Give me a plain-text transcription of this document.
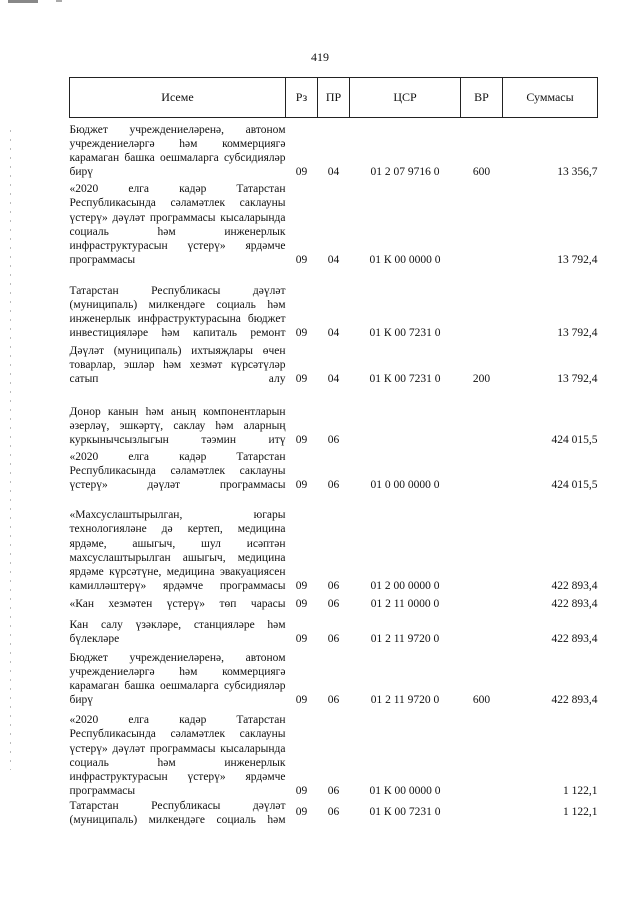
419
Исеме	Рз	ПР	ЦСР	ВР	Суммасы
Бюджет учреждениеләренә, автоном учреждениеләргә һәм коммерциягә карамаган башка оешмаларга субсидияләр бирү	09	04	01 2 07 9716 0	600	13 356,7
«2020 елга кадәр Татарстан Республикасында сәламәтлек саклауны үстерү» дәүләт программасы кысаларында социаль һәм инженерлык инфраструктурасын үстерү» ярдәмче программасы	09	04	01 К 00 0000 0		13 792,4
Татарстан Республикасы дәүләт (муниципаль) милкендәге социаль һәм инженерлык инфраструктурасына бюджет инвестицияләре һәм капиталь ремонт	09	04	01 К 00 7231 0		13 792,4
Дәүләт (муниципаль) ихтыяҗлары өчен товарлар, эшләр һәм хезмәт күрсәтүләр сатып алу	09	04	01 К 00 7231 0	200	13 792,4
Донор канын һәм аның компонентларын әзерләү, эшкәртү, саклау һәм аларның куркынычсызлыгын тәэмин итү	09	06			424 015,5
«2020 елга кадәр Татарстан Республикасында сәламәтлек саклауны үстерү» дәүләт программасы	09	06	01 0 00 0000 0		424 015,5
«Махсуслаштырылган, югары технологияләне дә кертеп, медицина ярдәме, ашыгыч, шул исәптән махсуслаштырылган ашыгыч, медицина ярдәме күрсәтүне, медицина эвакуациясен камилләштерү» ярдәмче программасы	09	06	01 2 00 0000 0		422 893,4
«Кан хезмәтен үстерү» төп чарасы	09	06	01 2 11 0000 0		422 893,4
Кан салу үзәкләре, станцияләре һәм бүлекләре	09	06	01 2 11 9720 0		422 893,4
Бюджет учреждениеләренә, автоном учреждениеләргә һәм коммерциягә карамаган башка оешмаларга субсидияләр бирү	09	06	01 2 11 9720 0	600	422 893,4
«2020 елга кадәр Татарстан Республикасында сәламәтлек саклауны үстерү» дәүләт программасы кысаларында социаль һәм инженерлык инфраструктурасын үстерү» ярдәмче программасы	09	06	01 К 00 0000 0		1 122,1
Татарстан Республикасы дәүләт (муниципаль) милкендәге социаль һәм	09	06	01 К 00 7231 0		1 122,1
